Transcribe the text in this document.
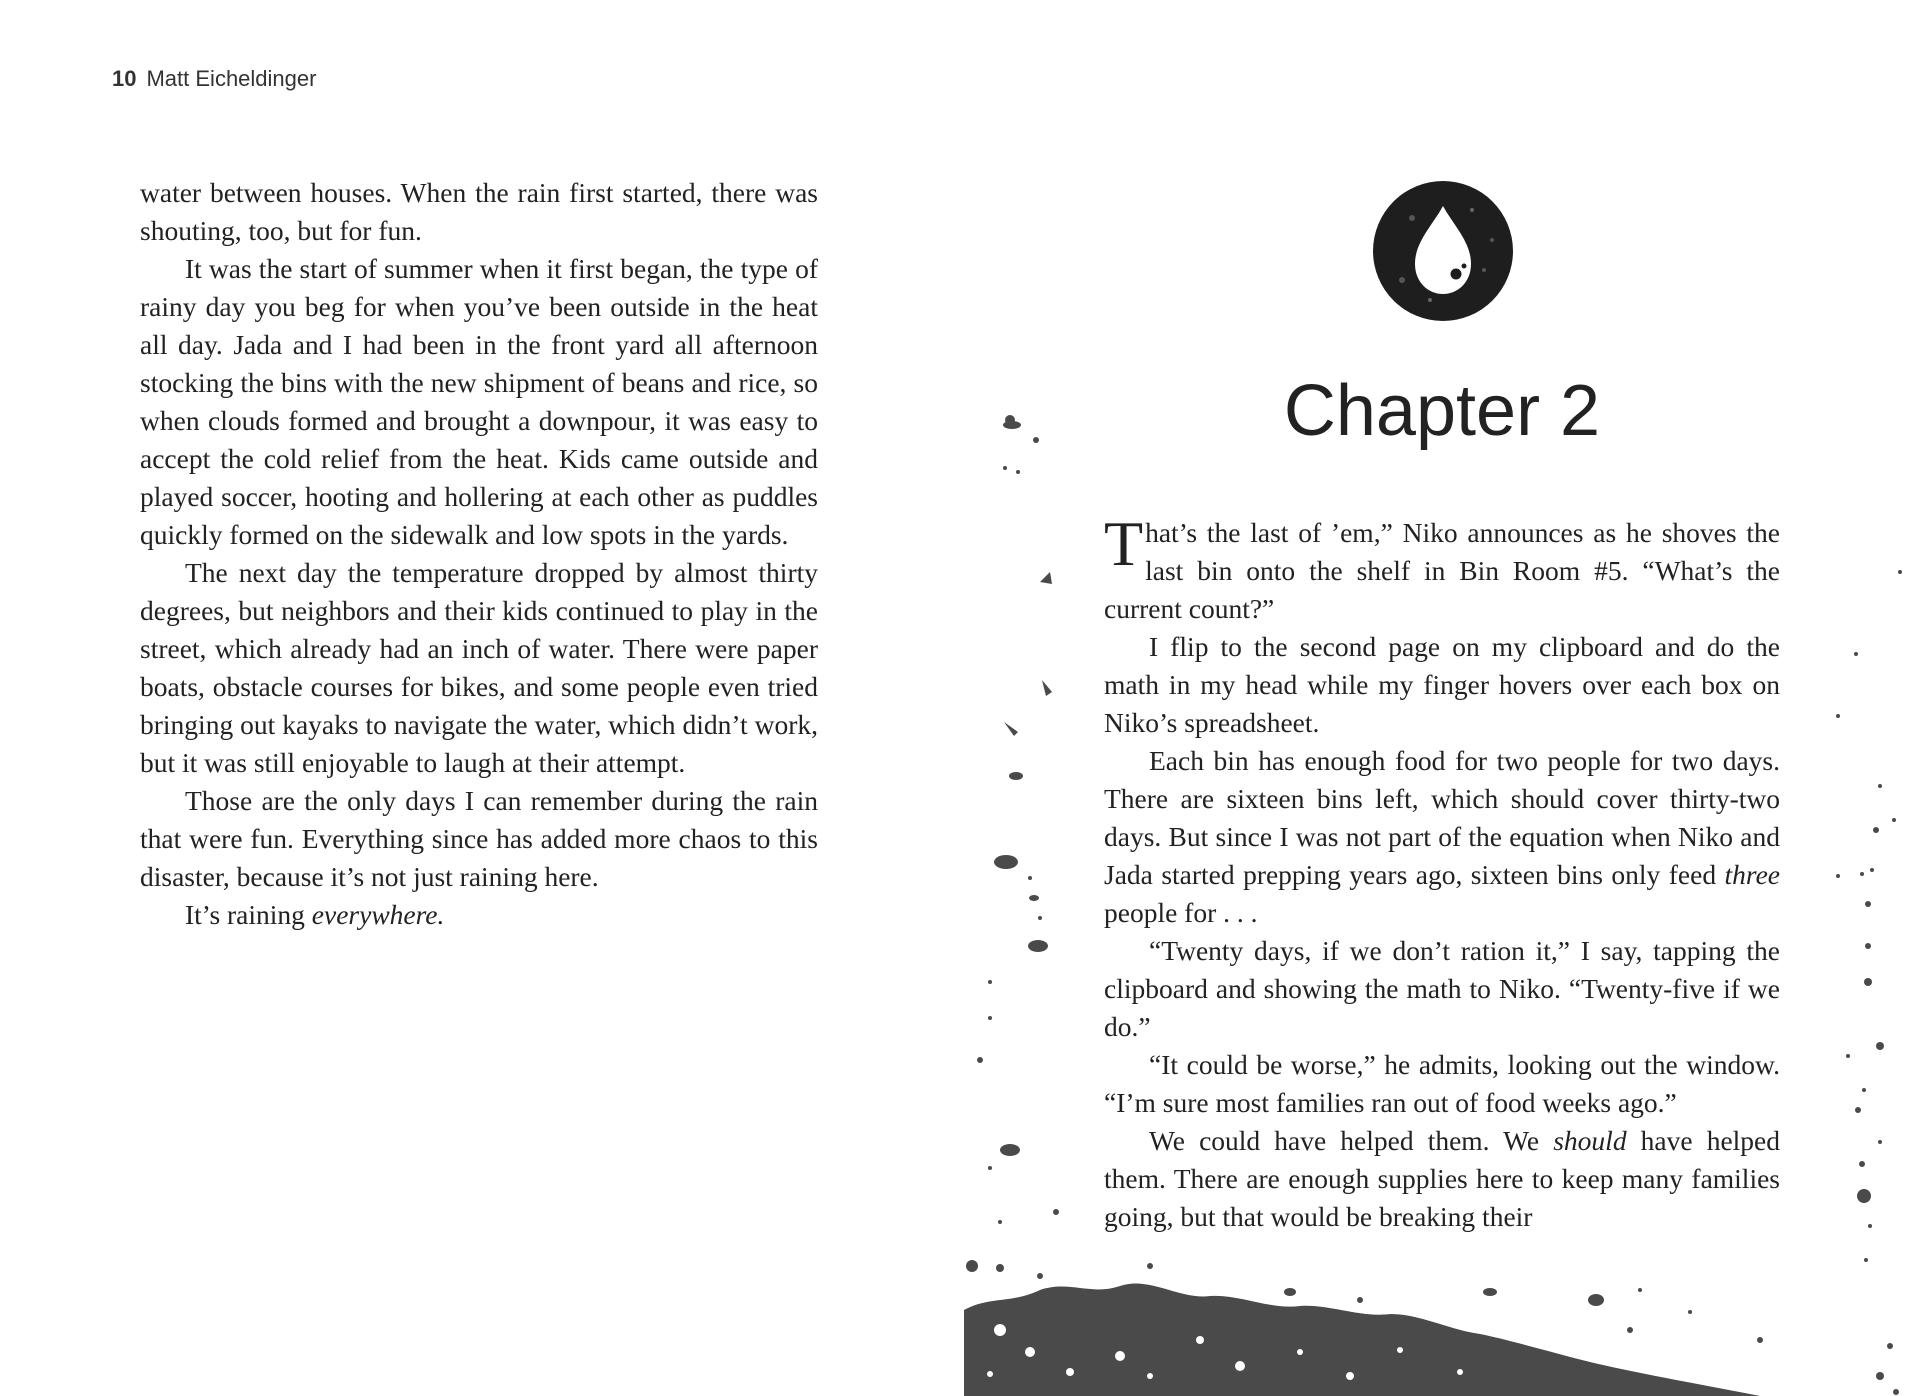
10 Matt Eicheldinger

water between houses. When the rain first started, there was shouting, too, but for fun.

It was the start of summer when it first began, the type of rainy day you beg for when you’ve been outside in the heat all day. Jada and I had been in the front yard all afternoon stocking the bins with the new shipment of beans and rice, so when clouds formed and brought a downpour, it was easy to accept the cold relief from the heat. Kids came outside and played soccer, hooting and hollering at each other as puddles quickly formed on the sidewalk and low spots in the yards.

The next day the temperature dropped by almost thirty degrees, but neighbors and their kids continued to play in the street, which already had an inch of water. There were paper boats, obstacle courses for bikes, and some people even tried bringing out kayaks to navigate the water, which didn’t work, but it was still enjoyable to laugh at their attempt.

Those are the only days I can remember during the rain that were fun. Everything since has added more chaos to this disaster, because it’s not just raining here.

It’s raining everywhere.

Chapter 2

That’s the last of ’em,” Niko announces as he shoves the last bin onto the shelf in Bin Room #5. “What’s the current count?”

I flip to the second page on my clipboard and do the math in my head while my finger hovers over each box on Niko’s spreadsheet.

Each bin has enough food for two people for two days. There are sixteen bins left, which should cover thirty-two days. But since I was not part of the equation when Niko and Jada started prepping years ago, sixteen bins only feed three people for . . .

“Twenty days, if we don’t ration it,” I say, tapping the clipboard and showing the math to Niko. “Twenty-five if we do.”

“It could be worse,” he admits, looking out the window. “I’m sure most families ran out of food weeks ago.”

We could have helped them. We should have helped them. There are enough supplies here to keep many families going, but that would be breaking their
